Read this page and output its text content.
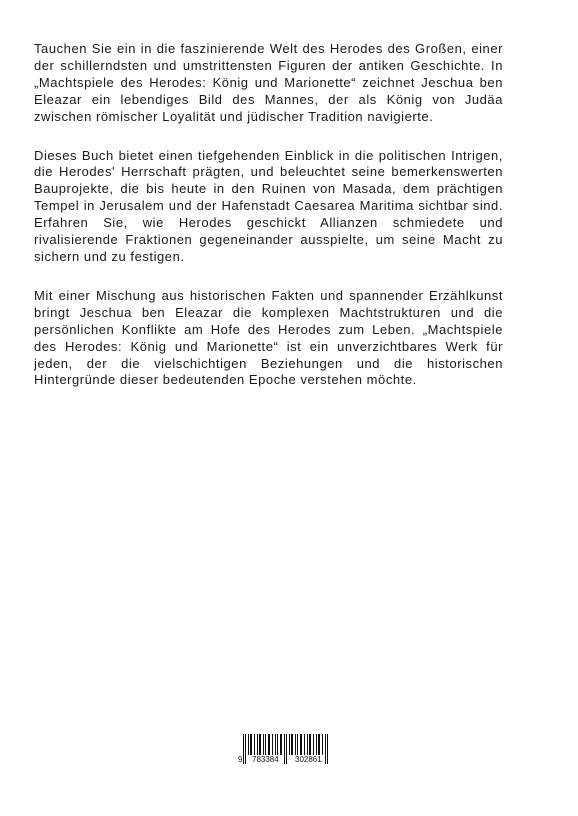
Tauchen Sie ein in die faszinierende Welt des Herodes des Großen, einer der schillerndsten und umstrittensten Figuren der antiken Geschichte. In „Machtspiele des Herodes: König und Marionette“ zeichnet Jeschua ben Eleazar ein lebendiges Bild des Mannes, der als König von Judäa zwischen römischer Loyalität und jüdischer Tradition navigierte.

Dieses Buch bietet einen tiefgehenden Einblick in die politischen Intrigen, die Herodes' Herrschaft prägten, und beleuchtet seine bemerkenswerten Bauprojekte, die bis heute in den Ruinen von Masada, dem prächtigen Tempel in Jerusalem und der Hafenstadt Caesarea Maritima sichtbar sind. Erfahren Sie, wie Herodes geschickt Allianzen schmiedete und rivalisierende Fraktionen gegeneinander ausspielte, um seine Macht zu sichern und zu festigen.

Mit einer Mischung aus historischen Fakten und spannender Erzählkunst bringt Jeschua ben Eleazar die komplexen Machtstrukturen und die persönlichen Konflikte am Hofe des Herodes zum Leben. „Machtspiele des Herodes: König und Marionette“ ist ein unverzichtbares Werk für jeden, der die vielschichtigen Beziehungen und die historischen Hintergründe dieser bedeutenden Epoche verstehen möchte.

9 783384 302861
